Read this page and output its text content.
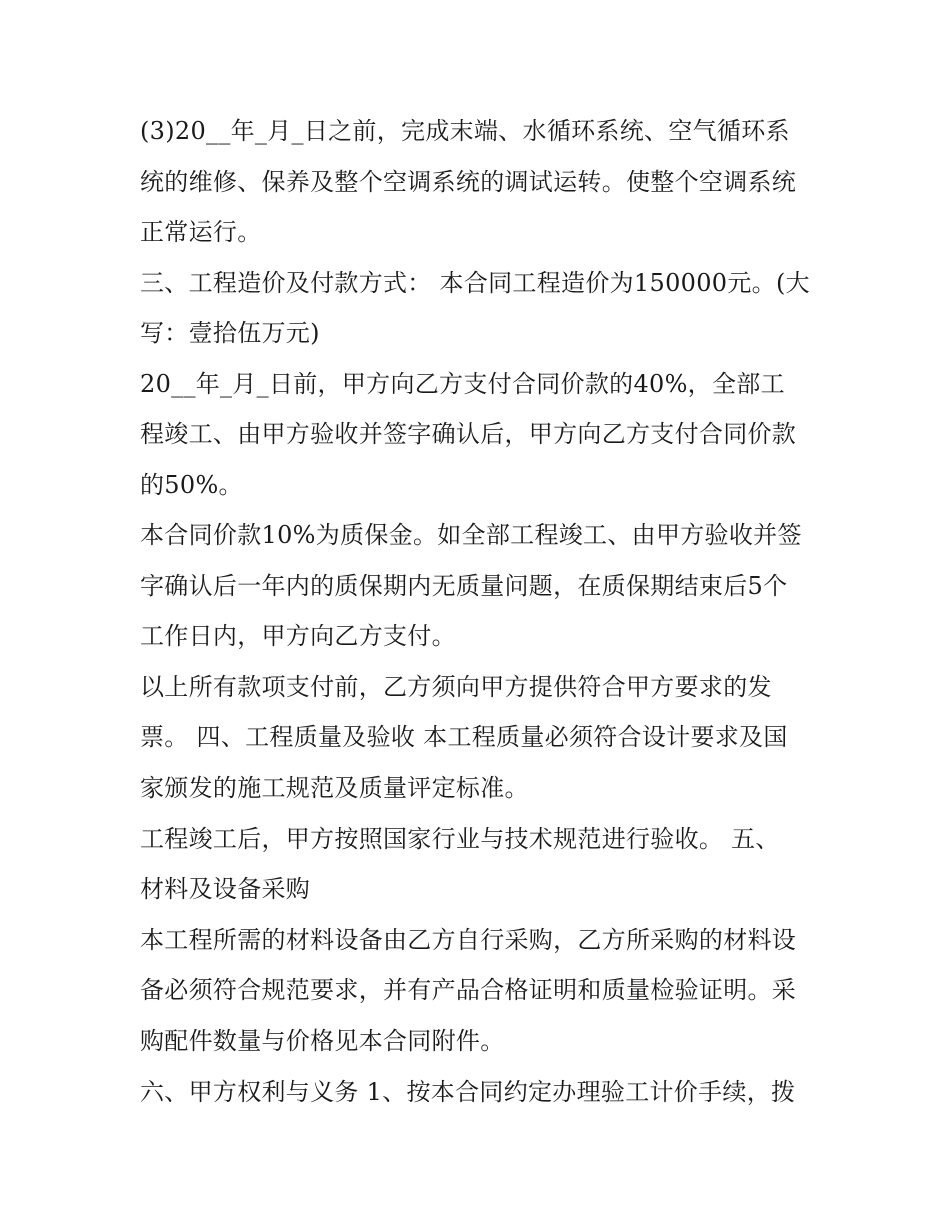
(3)20__年_月_日之前，完成末端、水循环系统、空气循环系
统的维修、保养及整个空调系统的调试运转。使整个空调系统
正常运行。
三、工程造价及付款方式： 本合同工程造价为150000元。(大
写：壹拾伍万元)
20__年_月_日前，甲方向乙方支付合同价款的40%，全部工
程竣工、由甲方验收并签字确认后，甲方向乙方支付合同价款
的50%。
本合同价款10%为质保金。如全部工程竣工、由甲方验收并签
字确认后一年内的质保期内无质量问题，在质保期结束后5个
工作日内，甲方向乙方支付。
以上所有款项支付前，乙方须向甲方提供符合甲方要求的发
票。 四、工程质量及验收 本工程质量必须符合设计要求及国
家颁发的施工规范及质量评定标准。
工程竣工后，甲方按照国家行业与技术规范进行验收。 五、
材料及设备采购
本工程所需的材料设备由乙方自行采购，乙方所采购的材料设
备必须符合规范要求，并有产品合格证明和质量检验证明。采
购配件数量与价格见本合同附件。
六、甲方权利与义务 1、按本合同约定办理验工计价手续，拨
